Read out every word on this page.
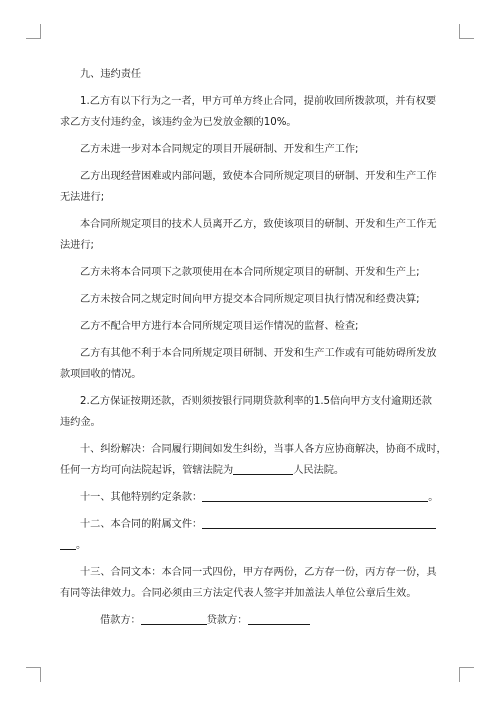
九、违约责任
1.乙方有以下行为之一者，甲方可单方终止合同，提前收回所拨款项，并有权要
求乙方支付违约金，该违约金为已发放金额的10%。
乙方未进一步对本合同规定的项目开展研制、开发和生产工作;
乙方出现经营困难或内部问题，致使本合同所规定项目的研制、开发和生产工作
无法进行;
本合同所规定项目的技术人员离开乙方，致使该项目的研制、开发和生产工作无
法进行;
乙方未将本合同项下之款项使用在本合同所规定项目的研制、开发和生产上;
乙方未按合同之规定时间向甲方提交本合同所规定项目执行情况和经费决算;
乙方不配合甲方进行本合同所规定项目运作情况的监督、检查;
乙方有其他不利于本合同所规定项目研制、开发和生产工作或有可能妨碍所发放
款项回收的情况。
2.乙方保证按期还款，否则须按银行同期贷款利率的1.5倍向甲方支付逾期还款
违约金。
十、纠纷解决：合同履行期间如发生纠纷，当事人各方应协商解决，协商不成时，
任何一方均可向法院起诉，管辖法院为	人民法院。
十一、其他特别约定条款：	。
十二、本合同的附属文件：
。
十三、合同文本：本合同一式四份，甲方存两份，乙方存一份，丙方存一份，具
有同等法律效力。合同必须由三方法定代表人签字并加盖法人单位公章后生效。
借款方：	贷款方：
